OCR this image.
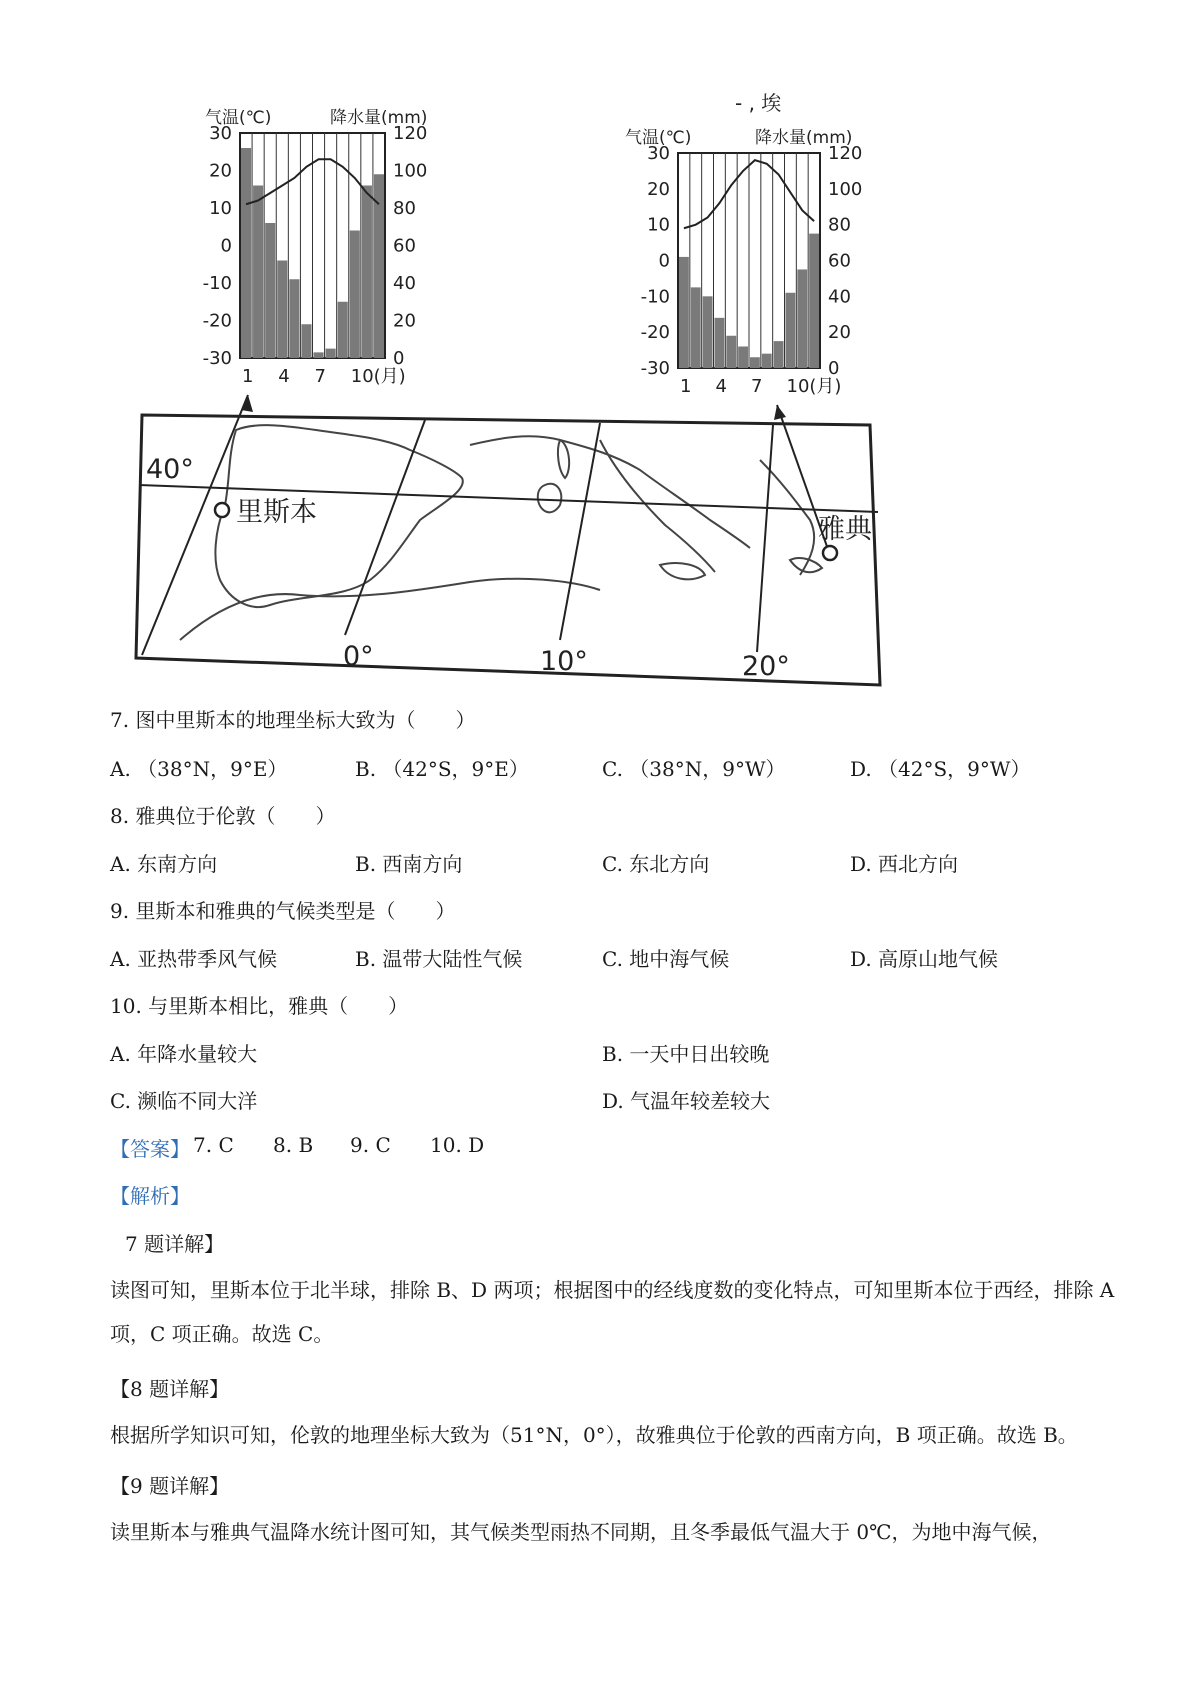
气温(℃)	降水量(mm)
30
20
10
0
-10
-20
-30
120
100
80
60
40
20
0
1 4 7 10(月)
- , 埃
气温(℃)	降水量(mm)
30
20
10
0
-10
-20
-30
120
100
80
60
40
20
0
1 4 7 10(月)
里斯本
雅典
40°
0°	10°	20°
7. 图中里斯本的地理坐标大致为（　　）
A. （38°N，9°E）	B. （42°S，9°E）	C. （38°N，9°W）	D. （42°S，9°W）
8. 雅典位于伦敦（　　）
A. 东南方向	B. 西南方向	C. 东北方向	D. 西北方向
9. 里斯本和雅典的气候类型是（　　）
A. 亚热带季风气候	B. 温带大陆性气候	C. 地中海气候	D. 高原山地气候
10. 与里斯本相比，雅典（　　）
A. 年降水量较大	B. 一天中日出较晚
C. 濒临不同大洋	D. 气温年较差较大
【答案】 7. C 8. B 9. C 10. D
【解析】
7 题详解】
读图可知，里斯本位于北半球，排除 B、D 两项；根据图中的经线度数的变化特点，可知里斯本位于西经，排除 A 项，C 项正确。故选 C。
【8 题详解】
根据所学知识可知，伦敦的地理坐标大致为（51°N，0°），故雅典位于伦敦的西南方向，B 项正确。故选 B。
【9 题详解】
读里斯本与雅典气温降水统计图可知，其气候类型雨热不同期，且冬季最低气温大于 0℃，为地中海气候，
